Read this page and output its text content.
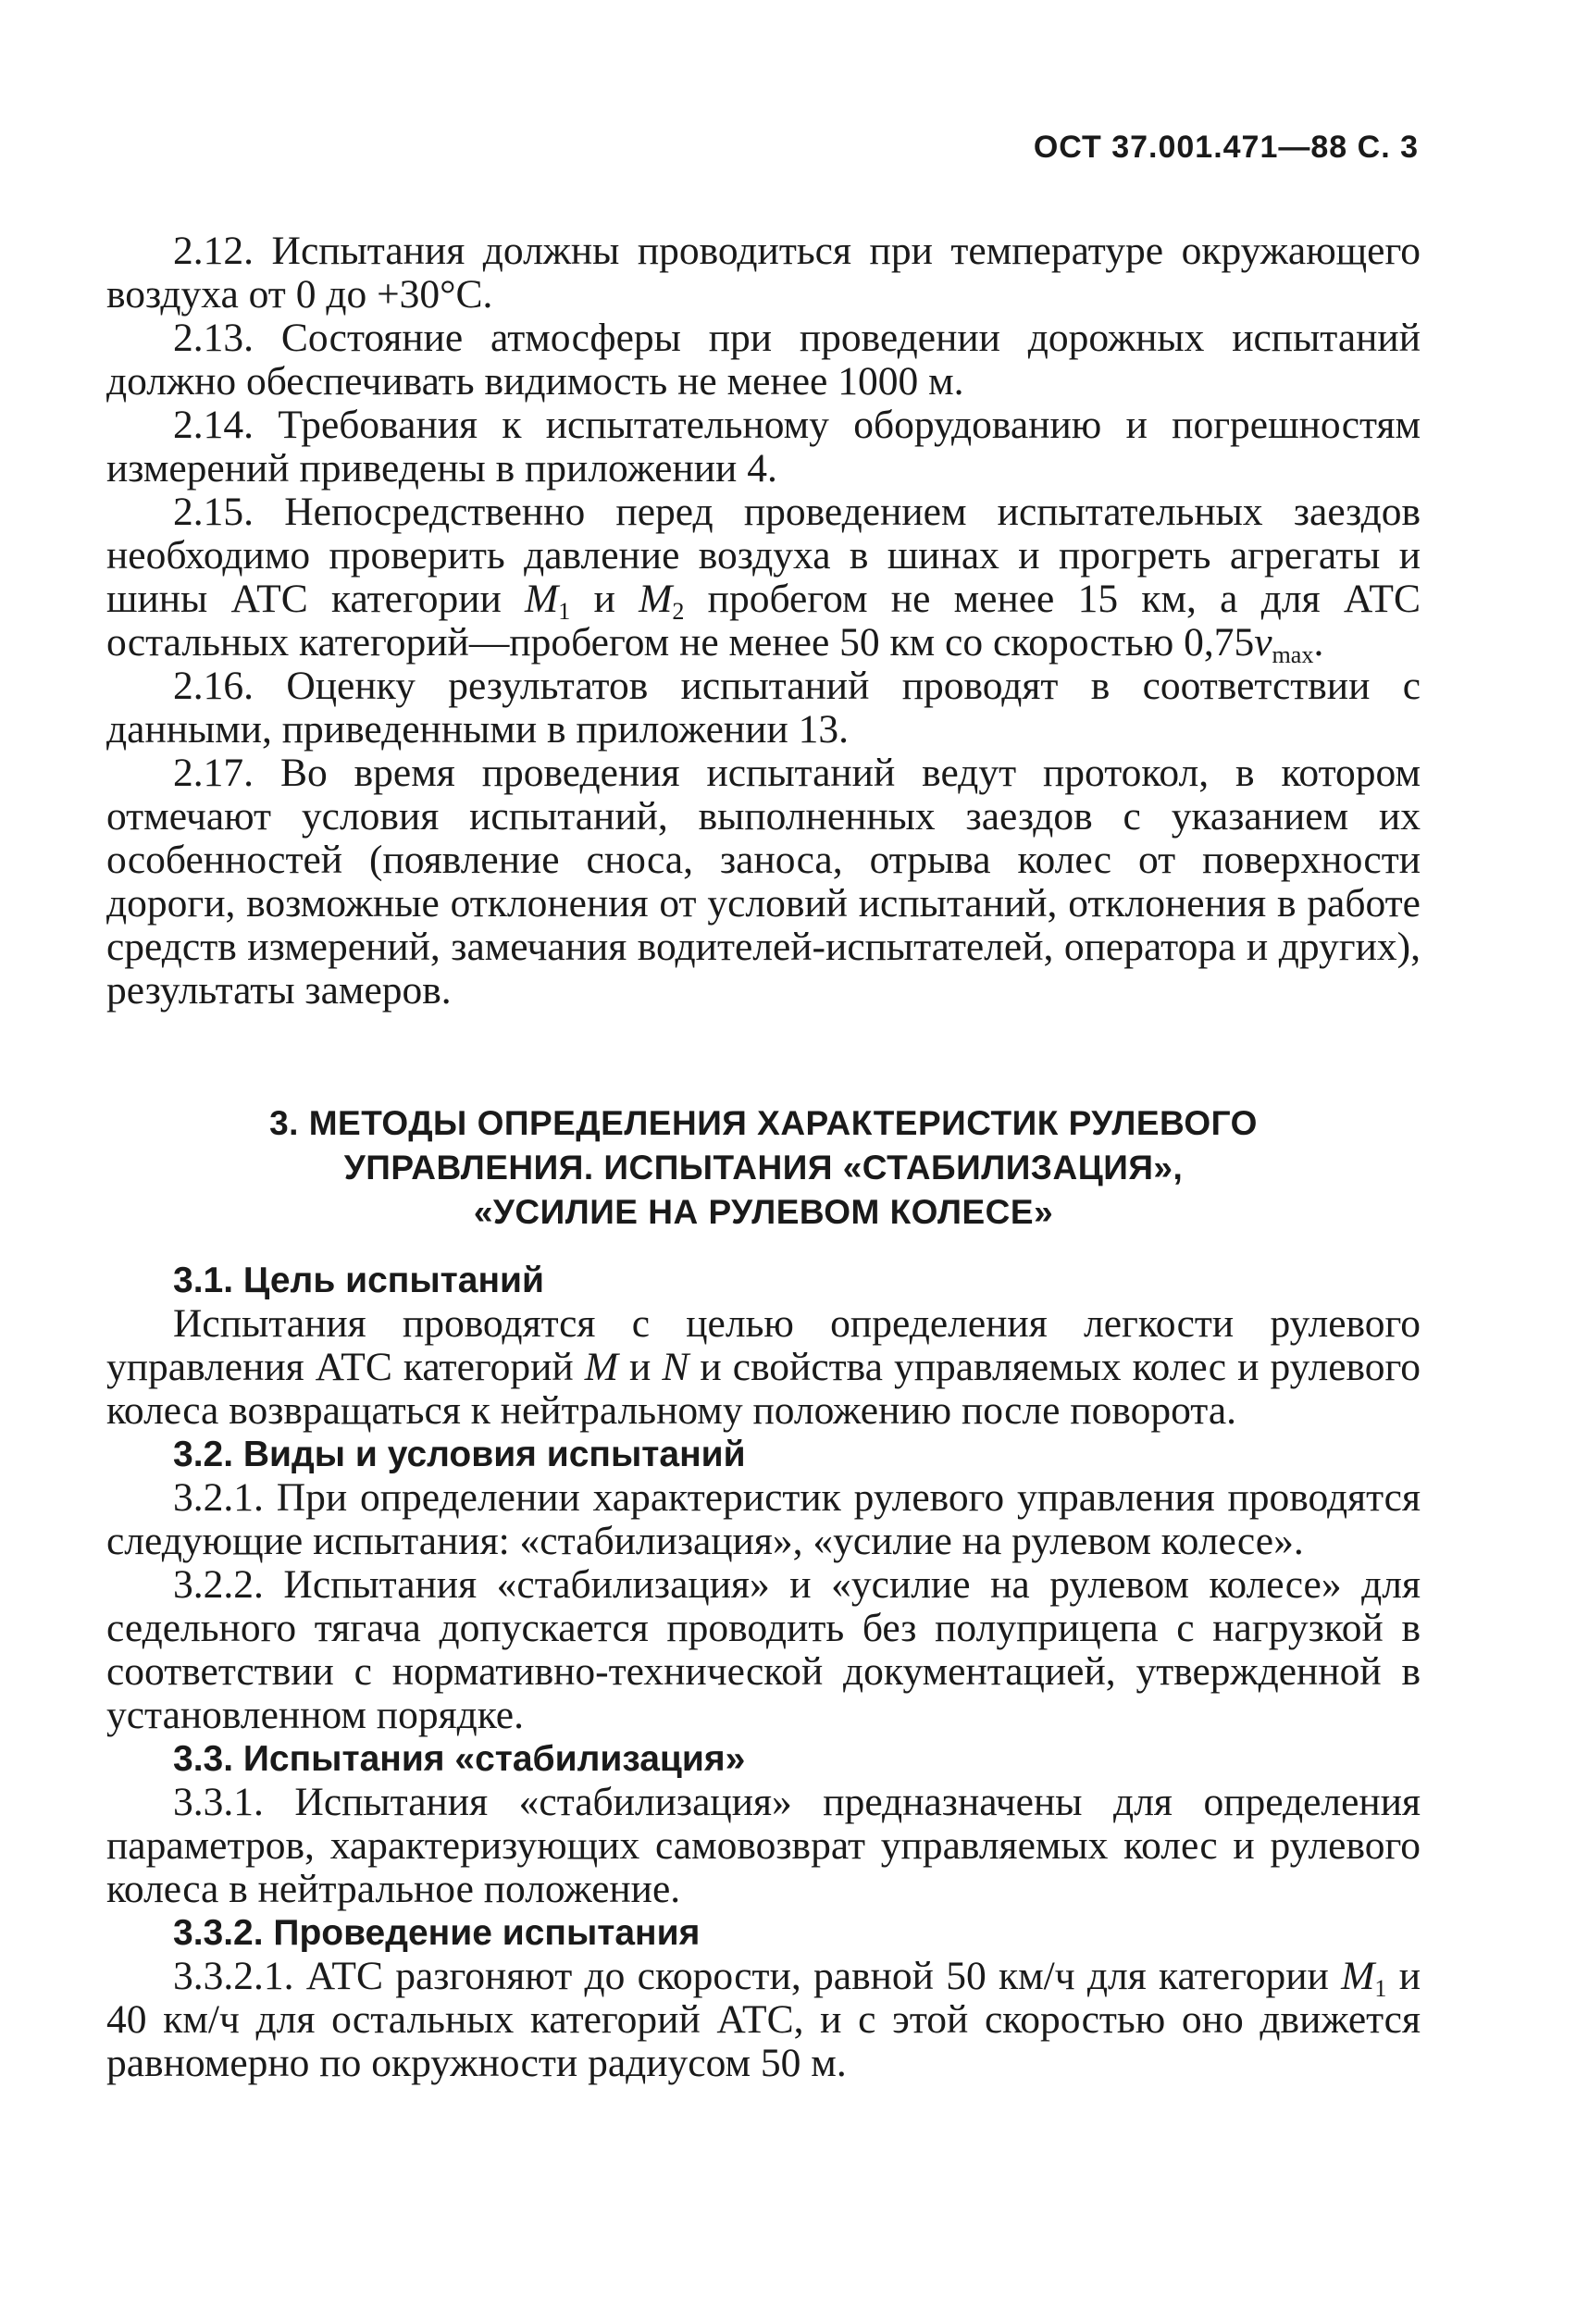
ОСТ 37.001.471—88 С. 3

2.12. Испытания должны проводиться при температуре окружающего воздуха от 0 до +30°С.

2.13. Состояние атмосферы при проведении дорожных испытаний должно обеспечивать видимость не менее 1000 м.

2.14. Требования к испытательному оборудованию и погрешностям измерений приведены в приложении 4.

2.15. Непосредственно перед проведением испытательных заездов необходимо проверить давление воздуха в шинах и прогреть агрегаты и шины АТС категории $M_1$ и $M_2$ пробегом не менее 15 км, а для АТС остальных категорий—пробегом не менее 50 км со скоростью $0,75v_{max}$.

2.16. Оценку результатов испытаний проводят в соответствии с данными, приведенными в приложении 13.

2.17. Во время проведения испытаний ведут протокол, в котором отмечают условия испытаний, выполненных заездов с указанием их особенностей (появление сноса, заноса, отрыва колес от поверхности дороги, возможные отклонения от условий испытаний, отклонения в работе средств измерений, замечания водителей-испытателей, оператора и других), результаты замеров.

3. МЕТОДЫ ОПРЕДЕЛЕНИЯ ХАРАКТЕРИСТИК РУЛЕВОГО
УПРАВЛЕНИЯ. ИСПЫТАНИЯ «СТАБИЛИЗАЦИЯ»,
«УСИЛИЕ НА РУЛЕВОМ КОЛЕСЕ»

3.1. Цель испытаний

Испытания проводятся с целью определения легкости рулевого управления АТС категорий M и N и свойства управляемых колес и рулевого колеса возвращаться к нейтральному положению после поворота.

3.2. Виды и условия испытаний

3.2.1. При определении характеристик рулевого управления проводятся следующие испытания: «стабилизация», «усилие на рулевом колесе».

3.2.2. Испытания «стабилизация» и «усилие на рулевом колесе» для седельного тягача допускается проводить без полуприцепа с нагрузкой в соответствии с нормативно-технической документацией, утвержденной в установленном порядке.

3.3. Испытания «стабилизация»

3.3.1. Испытания «стабилизация» предназначены для определения параметров, характеризующих самовозврат управляемых колес и рулевого колеса в нейтральное положение.

3.3.2. Проведение испытания

3.3.2.1. АТС разгоняют до скорости, равной 50 км/ч для категории $M_1$ и 40 км/ч для остальных категорий АТС, и с этой скоростью оно движется равномерно по окружности радиусом 50 м.
